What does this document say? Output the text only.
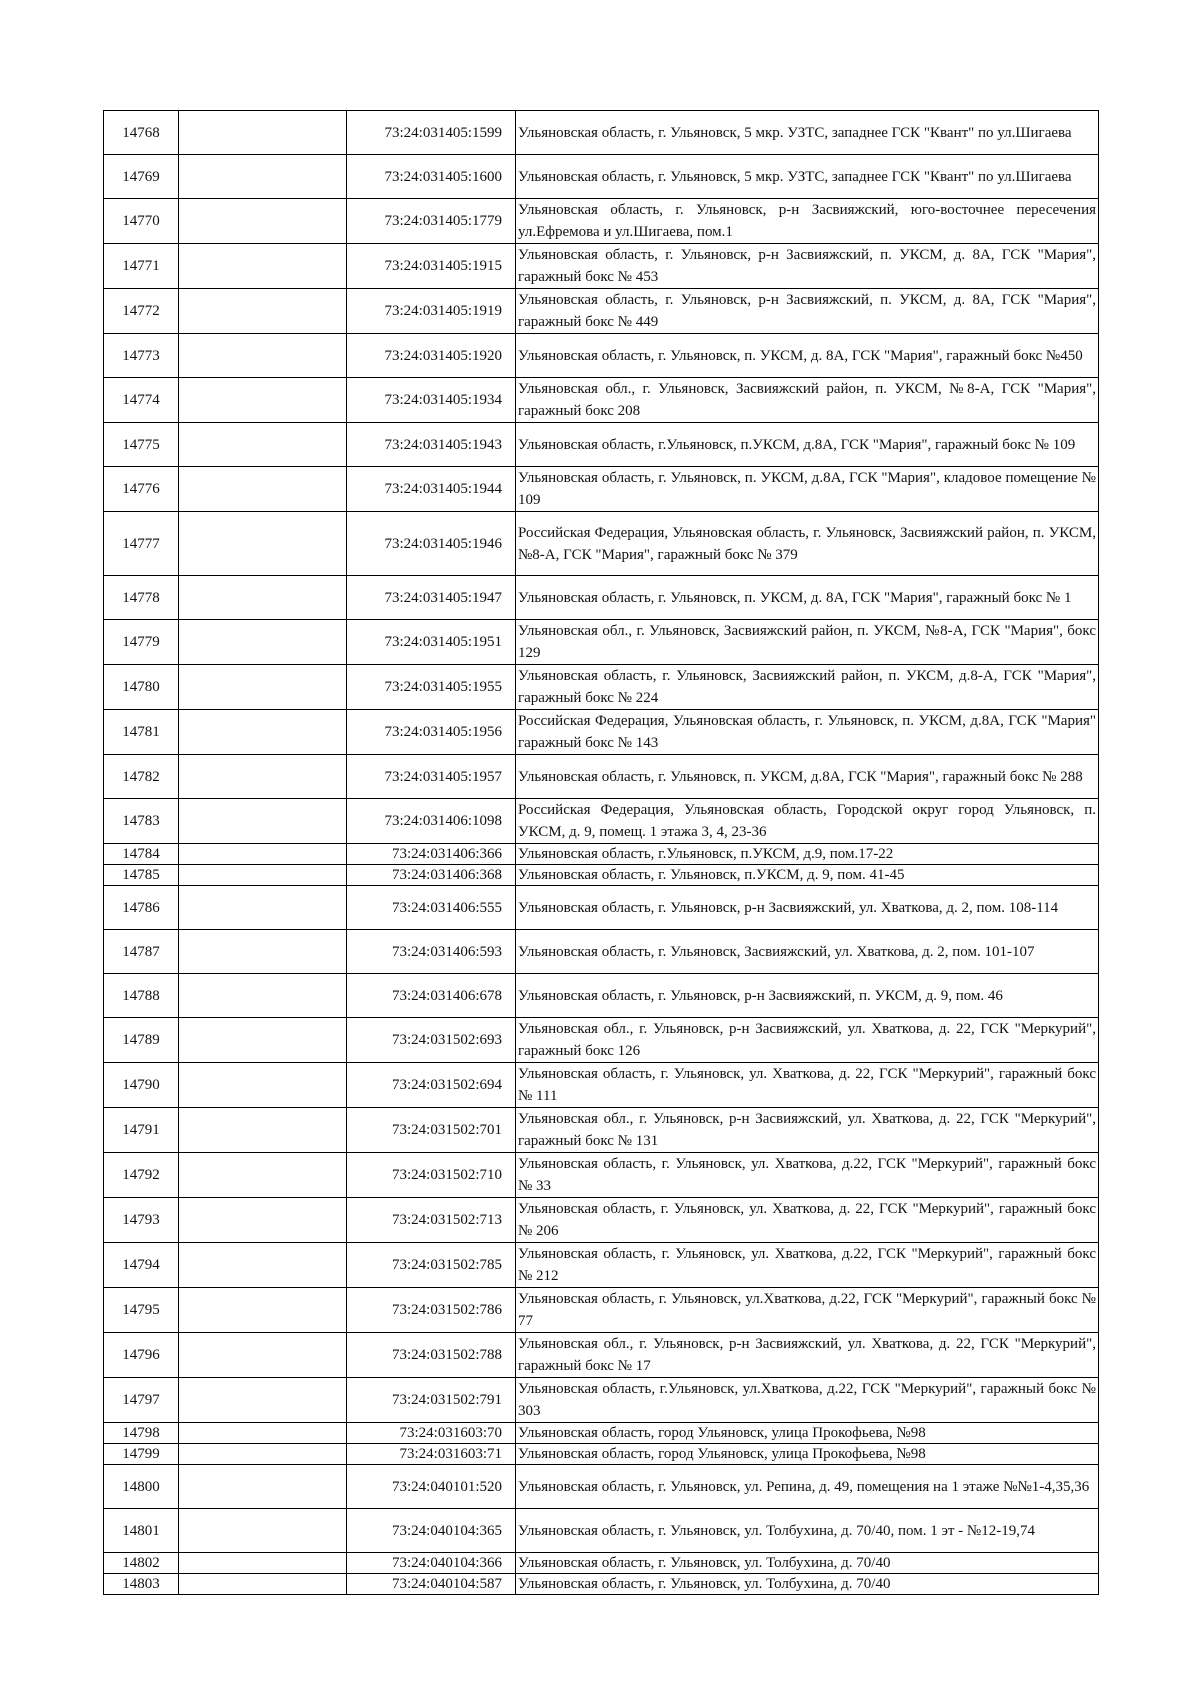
14768		73:24:031405:1599	Ульяновская область, г. Ульяновск, 5 мкр. УЗТС, западнее ГСК "Квант" по ул.Шигаева
14769		73:24:031405:1600	Ульяновская область, г. Ульяновск, 5 мкр. УЗТС, западнее ГСК "Квант" по ул.Шигаева
14770		73:24:031405:1779	Ульяновская область, г. Ульяновск, р-н Засвияжский, юго-восточнее пересечения ул.Ефремова и ул.Шигаева, пом.1
14771		73:24:031405:1915	Ульяновская область, г. Ульяновск, р-н Засвияжский, п. УКСМ, д. 8А, ГСК "Мария", гаражный бокс № 453
14772		73:24:031405:1919	Ульяновская область, г. Ульяновск, р-н Засвияжский, п. УКСМ, д. 8А, ГСК "Мария", гаражный бокс № 449
14773		73:24:031405:1920	Ульяновская область, г. Ульяновск, п. УКСМ, д. 8А, ГСК "Мария", гаражный бокс №450
14774		73:24:031405:1934	Ульяновская обл., г. Ульяновск, Засвияжский район, п. УКСМ, №8-А, ГСК "Мария", гаражный бокс 208
14775		73:24:031405:1943	Ульяновская область, г.Ульяновск, п.УКСМ, д.8А, ГСК "Мария", гаражный бокс № 109
14776		73:24:031405:1944	Ульяновская область, г. Ульяновск, п. УКСМ, д.8А, ГСК "Мария", кладовое помещение № 109
14777		73:24:031405:1946	Российская Федерация, Ульяновская область, г. Ульяновск, Засвияжский район, п. УКСМ, №8-А, ГСК "Мария", гаражный бокс № 379
14778		73:24:031405:1947	Ульяновская область, г. Ульяновск, п. УКСМ, д. 8А, ГСК "Мария", гаражный бокс № 1
14779		73:24:031405:1951	Ульяновская обл., г. Ульяновск, Засвияжский район, п. УКСМ, №8-А, ГСК "Мария", бокс 129
14780		73:24:031405:1955	Ульяновская область, г. Ульяновск, Засвияжский район, п. УКСМ, д.8-А, ГСК "Мария", гаражный бокс № 224
14781		73:24:031405:1956	Российская Федерация, Ульяновская область, г. Ульяновск, п. УКСМ, д.8А, ГСК "Мария" гаражный бокс № 143
14782		73:24:031405:1957	Ульяновская область, г. Ульяновск, п. УКСМ, д.8А, ГСК "Мария", гаражный бокс № 288
14783		73:24:031406:1098	Российская Федерация, Ульяновская область, Городской округ город Ульяновск, п. УКСМ, д. 9, помещ. 1 этажа 3, 4, 23-36
14784		73:24:031406:366	Ульяновская область, г.Ульяновск, п.УКСМ, д.9, пом.17-22
14785		73:24:031406:368	Ульяновская область, г. Ульяновск, п.УКСМ, д. 9, пом. 41-45
14786		73:24:031406:555	Ульяновская область, г. Ульяновск, р-н Засвияжский, ул. Хваткова, д. 2, пом. 108-114
14787		73:24:031406:593	Ульяновская область, г. Ульяновск, Засвияжский, ул. Хваткова, д. 2, пом. 101-107
14788		73:24:031406:678	Ульяновская область, г. Ульяновск, р-н Засвияжский, п. УКСМ, д. 9, пом. 46
14789		73:24:031502:693	Ульяновская обл., г. Ульяновск, р-н Засвияжский, ул. Хваткова, д. 22, ГСК "Меркурий", гаражный бокс 126
14790		73:24:031502:694	Ульяновская область, г. Ульяновск, ул. Хваткова, д. 22, ГСК "Меркурий", гаражный бокс № 111
14791		73:24:031502:701	Ульяновская обл., г. Ульяновск, р-н Засвияжский, ул. Хваткова, д. 22, ГСК "Меркурий", гаражный бокс № 131
14792		73:24:031502:710	Ульяновская область, г. Ульяновск, ул. Хваткова, д.22, ГСК "Меркурий", гаражный бокс № 33
14793		73:24:031502:713	Ульяновская область, г. Ульяновск, ул. Хваткова, д. 22, ГСК "Меркурий", гаражный бокс № 206
14794		73:24:031502:785	Ульяновская область, г. Ульяновск, ул. Хваткова, д.22, ГСК "Меркурий", гаражный бокс № 212
14795		73:24:031502:786	Ульяновская область, г. Ульяновск, ул.Хваткова, д.22, ГСК "Меркурий", гаражный бокс № 77
14796		73:24:031502:788	Ульяновская обл., г. Ульяновск, р-н Засвияжский, ул. Хваткова, д. 22, ГСК "Меркурий", гаражный бокс № 17
14797		73:24:031502:791	Ульяновская область, г.Ульяновск, ул.Хваткова, д.22, ГСК "Меркурий", гаражный бокс № 303
14798		73:24:031603:70	Ульяновская область, город Ульяновск, улица Прокофьева, №98
14799		73:24:031603:71	Ульяновская область, город Ульяновск, улица Прокофьева, №98
14800		73:24:040101:520	Ульяновская область, г. Ульяновск, ул. Репина, д. 49, помещения на 1 этаже №№1-4,35,36
14801		73:24:040104:365	Ульяновская область, г. Ульяновск, ул. Толбухина, д. 70/40, пом. 1 эт - №12-19,74
14802		73:24:040104:366	Ульяновская область, г. Ульяновск, ул. Толбухина, д. 70/40
14803		73:24:040104:587	Ульяновская область, г. Ульяновск, ул. Толбухина, д. 70/40
